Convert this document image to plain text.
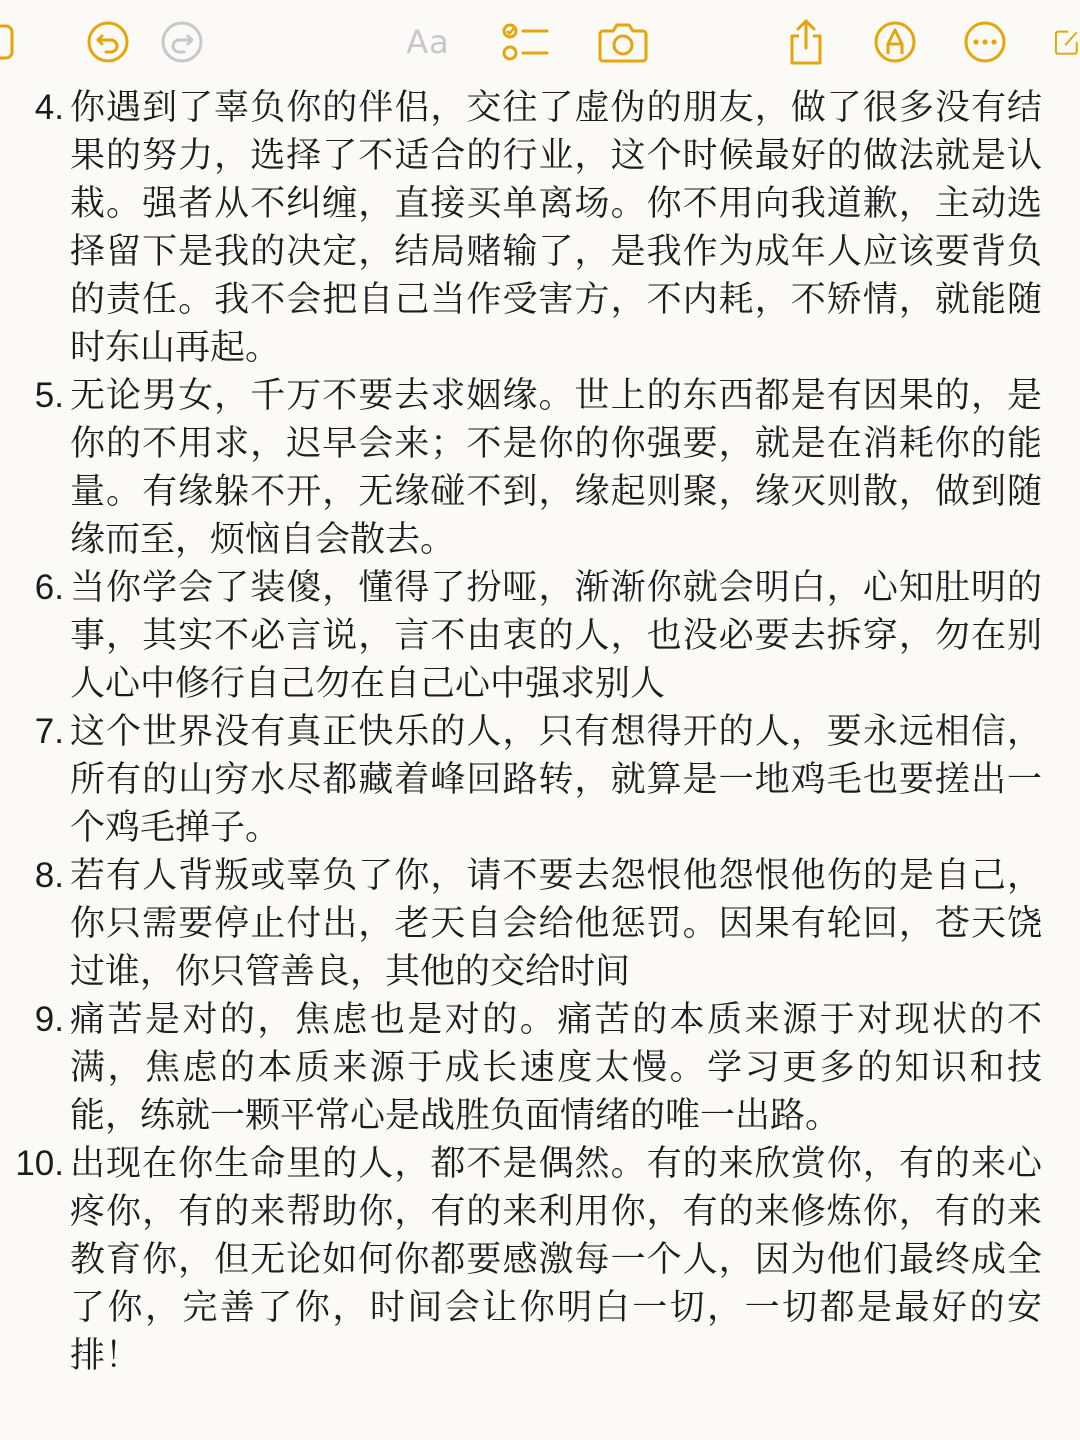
Aa
4. 你遇到了辜负你的伴侣，交往了虚伪的朋友，做了很多没有结果的努力，选择了不适合的行业，这个时候最好的做法就是认栽。强者从不纠缠，直接买单离场。你不用向我道歉，主动选择留下是我的决定，结局赌输了，是我作为成年人应该要背负的责任。我不会把自己当作受害方，不内耗，不矫情，就能随时东山再起。
5. 无论男女，千万不要去求姻缘。世上的东西都是有因果的，是你的不用求，迟早会来；不是你的你强要，就是在消耗你的能量。有缘躲不开，无缘碰不到，缘起则聚，缘灭则散，做到随缘而至，烦恼自会散去。
6. 当你学会了装傻，懂得了扮哑，渐渐你就会明白，心知肚明的事，其实不必言说，言不由衷的人，也没必要去拆穿，勿在别人心中修行自己勿在自己心中强求别人
7. 这个世界没有真正快乐的人，只有想得开的人，要永远相信，所有的山穷水尽都藏着峰回路转，就算是一地鸡毛也要搓出一个鸡毛掸子。
8. 若有人背叛或辜负了你，请不要去怨恨他怨恨他伤的是自己，你只需要停止付出，老天自会给他惩罚。因果有轮回，苍天饶过谁，你只管善良，其他的交给时间
9. 痛苦是对的，焦虑也是对的。痛苦的本质来源于对现状的不满，焦虑的本质来源于成长速度太慢。学习更多的知识和技能，练就一颗平常心是战胜负面情绪的唯一出路。
10. 出现在你生命里的人，都不是偶然。有的来欣赏你，有的来心疼你，有的来帮助你，有的来利用你，有的来修炼你，有的来教育你，但无论如何你都要感激每一个人，因为他们最终成全了你，完善了你，时间会让你明白一切，一切都是最好的安排！
